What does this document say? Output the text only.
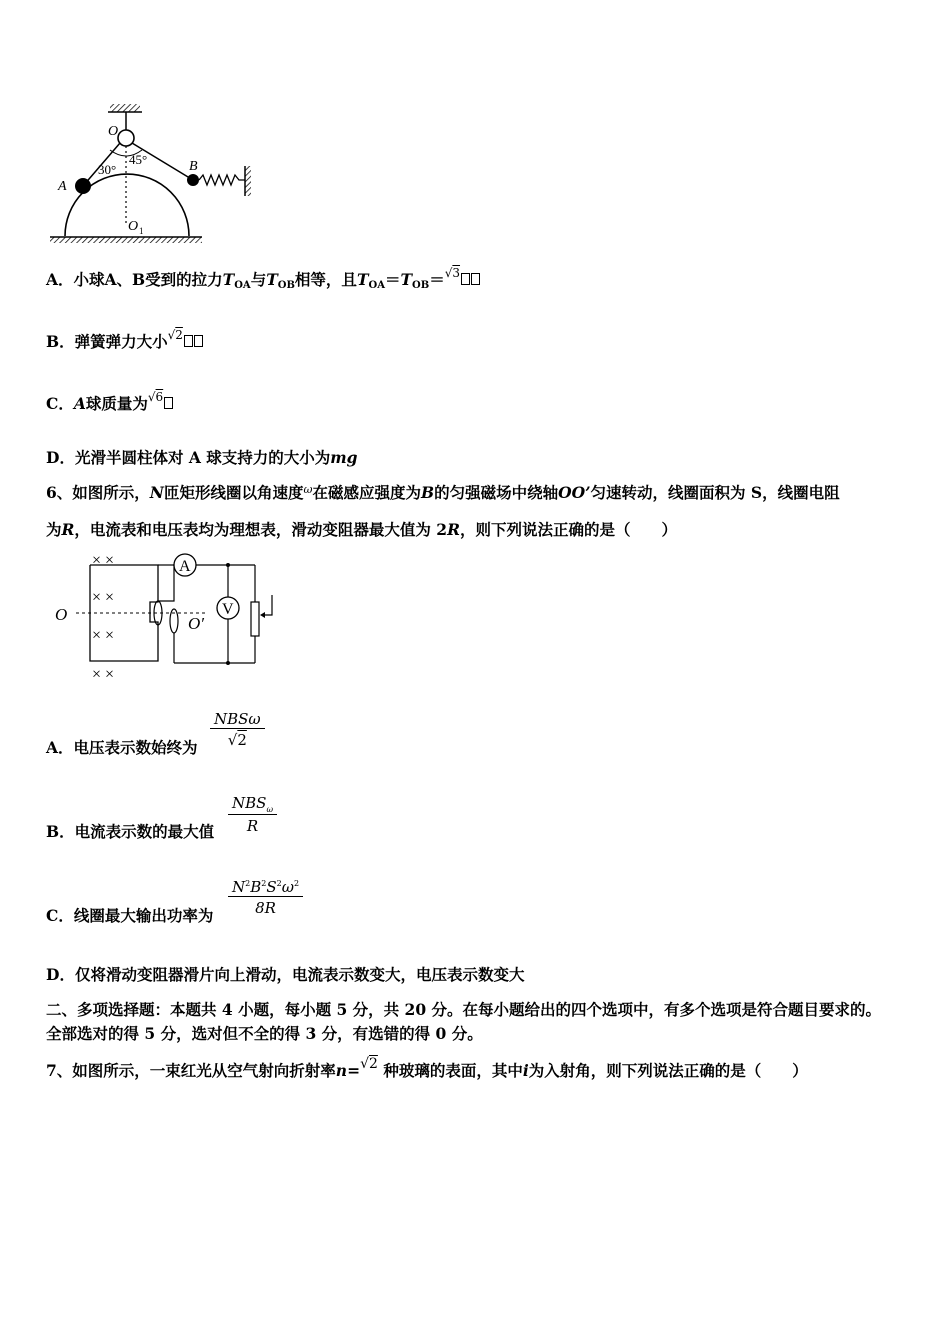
O
A
B
30°
45°
O 1
A．小球A、B受到的拉力$T_{OA}$与$T_{OB}$相等，且$T_{OA}=T_{OB}=^{√3}$
B．弹簧弹力大小$^{√2}$
C．A球质量为$^{√6}$
D．光滑半圆柱体对 A 球支持力的大小为mg
6、如图所示，N匝矩形线圈以角速度$^\omega$在磁感应强度为B的匀强磁场中绕轴OO’匀速转动，线圈面积为 S，线圈电阻
为R，电流表和电压表均为理想表，滑动变阻器最大值为 2R，则下列说法正确的是（　　）
× ×
× ×
× ×
× ×
O	O′
A
V
A．电压表示数始终为
NBSω
√2
B．电流表示数的最大值
$NBS_\omega$
R
C．线圈最大输出功率为 $\frac{N^2B^2S^2\omega^2}{8R}$
D．仅将滑动变阻器滑片向上滑动，电流表示数变大，电压表示数变大
二、多项选择题：本题共 4 小题，每小题 5 分，共 20 分。在每小题给出的四个选项中，有多个选项是符合题目要求的。
全部选对的得 5 分，选对但不全的得 3 分，有选错的得 0 分。
7、如图所示，一束红光从空气射向折射率n=√2 种玻璃的表面，其中i为入射角，则下列说法正确的是（　　）
